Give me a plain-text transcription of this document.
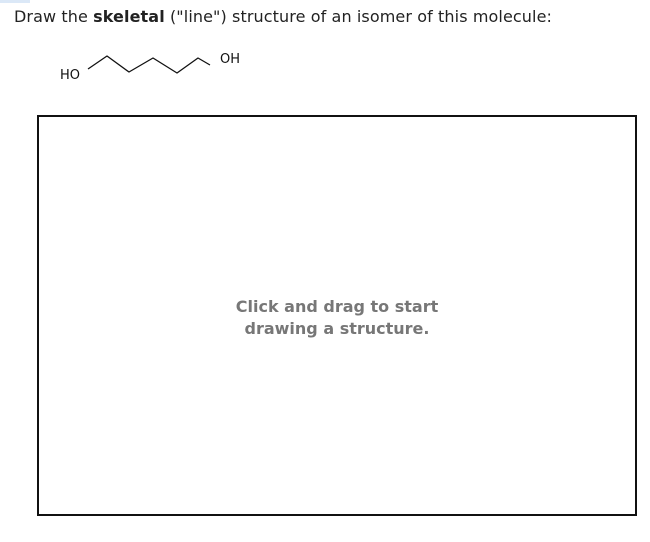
Draw the skeletal ("line") structure of an isomer of this molecule:
HO
OH
Click and drag to start
drawing a structure.
